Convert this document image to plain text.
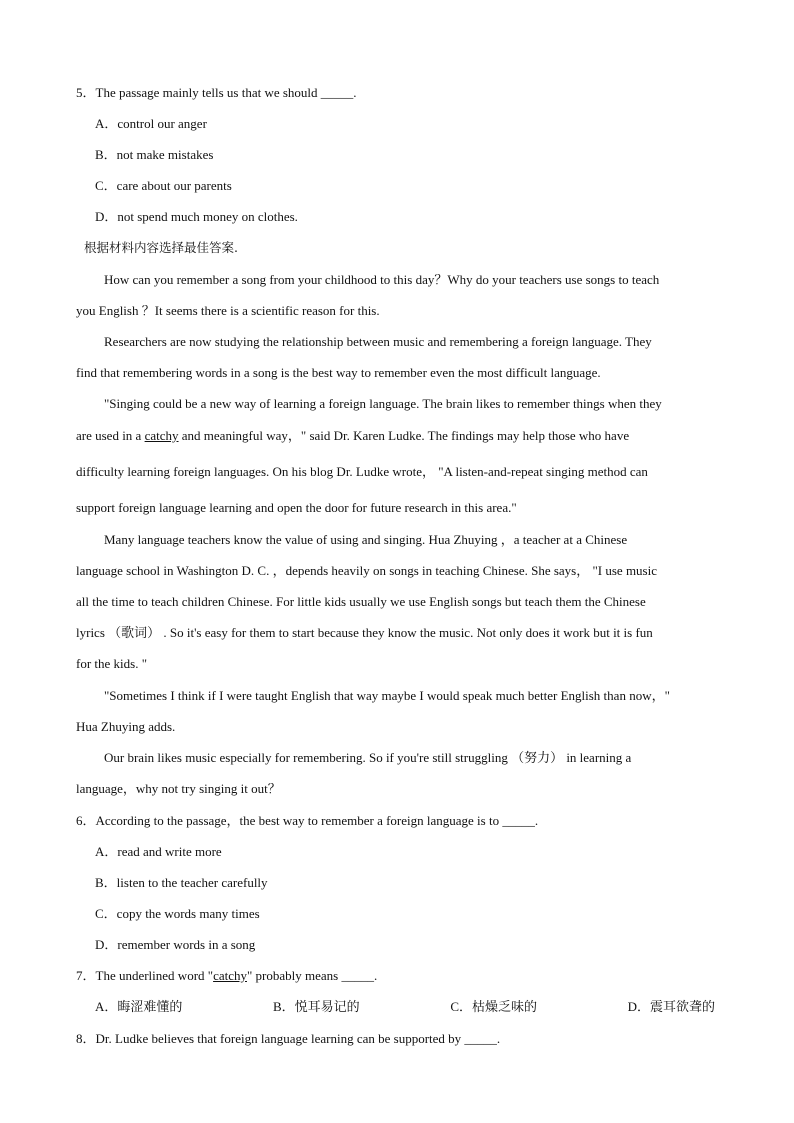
5．The passage mainly tells us that we should _____.
A．control our anger
B．not make mistakes
C．care about our parents
D．not spend much money on clothes.
根据材料内容选择最佳答案.
How can you remember a song from your childhood to this day？Why do your teachers use songs to teach
you English ？It seems there is a scientific reason for this.
Researchers are now studying the relationship between music and remembering a foreign language. They
find that remembering words in a song is the best way to remember even the most difficult language.
"Singing could be a new way of learning a foreign language. The brain likes to remember things when they
are used in a catchy and meaningful way，" said Dr. Karen Ludke. The findings may help those who have
difficulty learning foreign languages. On his blog Dr. Ludke wrote， "A listen-and-repeat singing method can
support foreign language learning and open the door for future research in this area."
Many language teachers know the value of using and singing. Hua Zhuying ，a teacher at a Chinese
language school in Washington D. C. ，depends heavily on songs in teaching Chinese. She says， "I use music
all the time to teach children Chinese. For little kids usually we use English songs but teach them the Chinese
lyrics （歌词） . So it's easy for them to start because they know the music. Not only does it work but it is fun
for the kids. "
"Sometimes I think if I were taught English that way maybe I would speak much better English than now，"
Hua Zhuying adds.
Our brain likes music especially for remembering. So if you're still struggling （努力） in learning a
language，why not try singing it out？
6．According to the passage，the best way to remember a foreign language is to _____.
A．read and write more
B．listen to the teacher carefully
C．copy the words many times
D．remember words in a song
7．The underlined word "catchy" probably means _____.
A．晦涩难懂的	B．悦耳易记的	C．枯燥乏味的	D．震耳欲聋的
8．Dr. Ludke believes that foreign language learning can be supported by _____.
